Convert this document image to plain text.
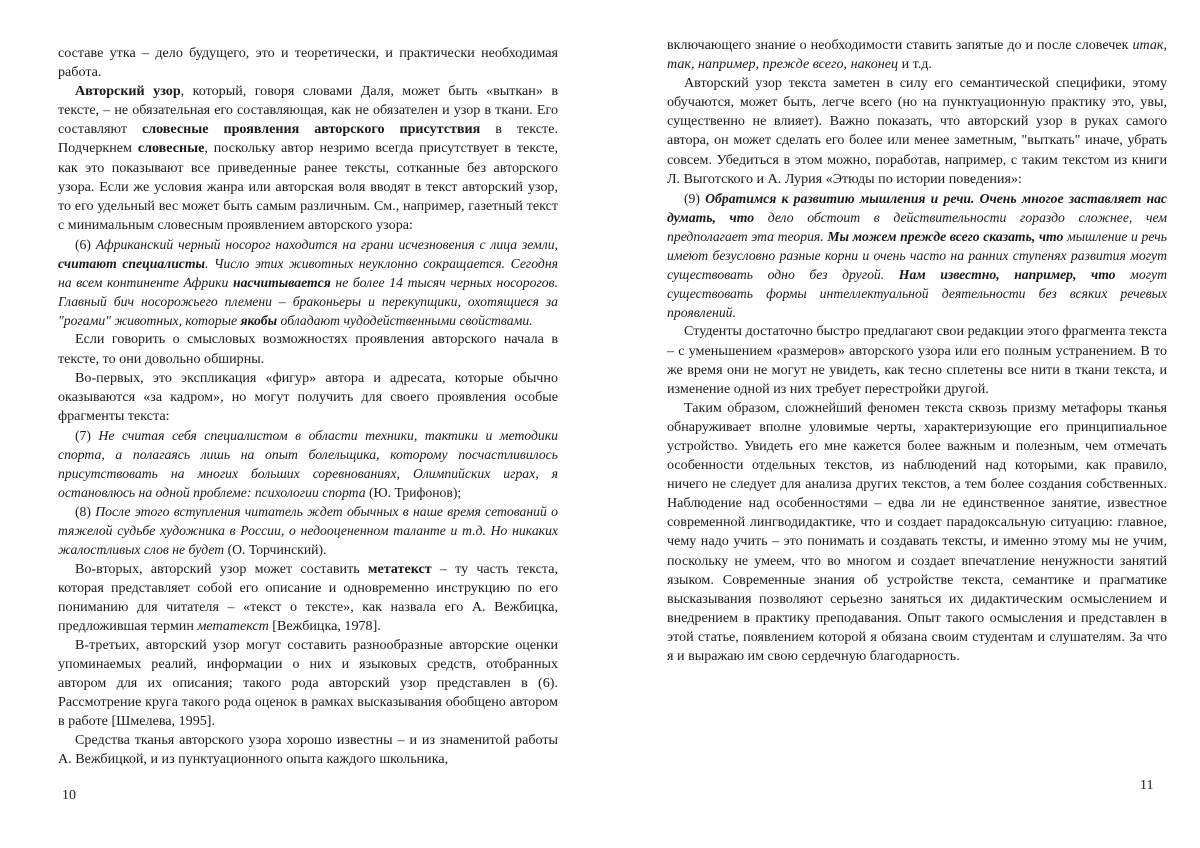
составе утка – дело будущего, это и теоретически, и практически необходимая работа.

Авторский узор, который, говоря словами Даля, может быть «выткан» в тексте, – не обязательная его составляющая, как не обязателен и узор в ткани. Его составляют словесные проявления авторского присутствия в тексте. Подчеркнем словесные, поскольку автор незримо всегда присутствует в тексте, как это показывают все приведенные ранее тексты, сотканные без авторского узора. Если же условия жанра или авторская воля вводят в текст авторский узор, то его удельный вес может быть самым различным. См., например, газетный текст с минимальным словесным проявлением авторского узора:

(6) Африканский черный носорог находится на грани исчезновения с лица земли, считают специалисты. Число этих животных неуклонно сокращается. Сегодня на всем континенте Африки насчитывается не более 14 тысяч черных носорогов. Главный бич носорожьего племени – браконьеры и перекупщики, охотящиеся за "рогами" животных, которые якобы обладают чудодейственными свойствами.

Если говорить о смысловых возможностях проявления авторского начала в тексте, то они довольно обширны.

Во-первых, это экспликация «фигур» автора и адресата, которые обычно оказываются «за кадром», но могут получить для своего проявления особые фрагменты текста:

(7) Не считая себя специалистом в области техники, тактики и методики спорта, а полагаясь лишь на опыт болельщика, которому посчастливилось присутствовать на многих больших соревнованиях, Олимпийских играх, я остановлюсь на одной проблеме: психологии спорта (Ю. Трифонов);

(8) После этого вступления читатель ждет обычных в наше время сетований о тяжелой судьбе художника в России, о недооцененном таланте и т.д. Но никаких жалостливых слов не будет (О. Торчинский).

Во-вторых, авторский узор может составить метатекст – ту часть текста, которая представляет собой его описание и одновременно инструкцию по его пониманию для читателя – «текст о тексте», как назвала его А. Вежбицка, предложившая термин метатекст [Вежбицка, 1978].

В-третьих, авторский узор могут составить разнообразные авторские оценки упоминаемых реалий, информации о них и языковых средств, отобранных автором для их описания; такого рода авторский узор представлен в (6). Рассмотрение круга такого рода оценок в рамках высказывания обобщено автором в работе [Шмелева, 1995].

Средства тканья авторского узора хорошо известны – и из знаменитой работы А. Вежбицкой, и из пунктуационного опыта каждого школьника,

10

включающего знание о необходимости ставить запятые до и после словечек итак, так, например, прежде всего, наконец и т.д.

Авторский узор текста заметен в силу его семантической специфики, этому обучаются, может быть, легче всего (но на пунктуационную практику это, увы, существенно не влияет). Важно показать, что авторский узор в руках самого автора, он может сделать его более или менее заметным, "выткать" иначе, убрать совсем. Убедиться в этом можно, поработав, например, с таким текстом из книги Л. Выготского и А. Лурия «Этюды по истории поведения»:

(9) Обратимся к развитию мышления и речи. Очень многое заставляет нас думать, что дело обстоит в действительности гораздо сложнее, чем предполагает эта теория. Мы можем прежде всего сказать, что мышление и речь имеют безусловно разные корни и очень часто на ранних ступенях развития могут существовать одно без другой. Нам известно, например, что могут существовать формы интеллектуальной деятельности без всяких речевых проявлений.

Студенты достаточно быстро предлагают свои редакции этого фрагмента текста – с уменьшением «размеров» авторского узора или его полным устранением. В то же время они не могут не увидеть, как тесно сплетены все нити в ткани текста, и изменение одной из них требует перестройки другой.

Таким образом, сложнейший феномен текста сквозь призму метафоры тканья обнаруживает вполне уловимые черты, характеризующие его принципиальное устройство. Увидеть его мне кажется более важным и полезным, чем отмечать особенности отдельных текстов, из наблюдений над которыми, как правило, ничего не следует для анализа других текстов, а тем более создания собственных. Наблюдение над особенностями – едва ли не единственное занятие, известное современной лингводидактике, что и создает парадоксальную ситуацию: главное, чему надо учить – это понимать и создавать тексты, и именно этому мы не учим, поскольку не умеем, что во многом и создает впечатление ненужности занятий языком. Современные знания об устройстве текста, семантике и прагматике высказывания позволяют серьезно заняться их дидактическим осмыслением и внедрением в практику преподавания. Опыт такого осмысления и представлен в этой статье, появлением которой я обязана своим студентам и слушателям. За что я и выражаю им свою сердечную благодарность.

11
